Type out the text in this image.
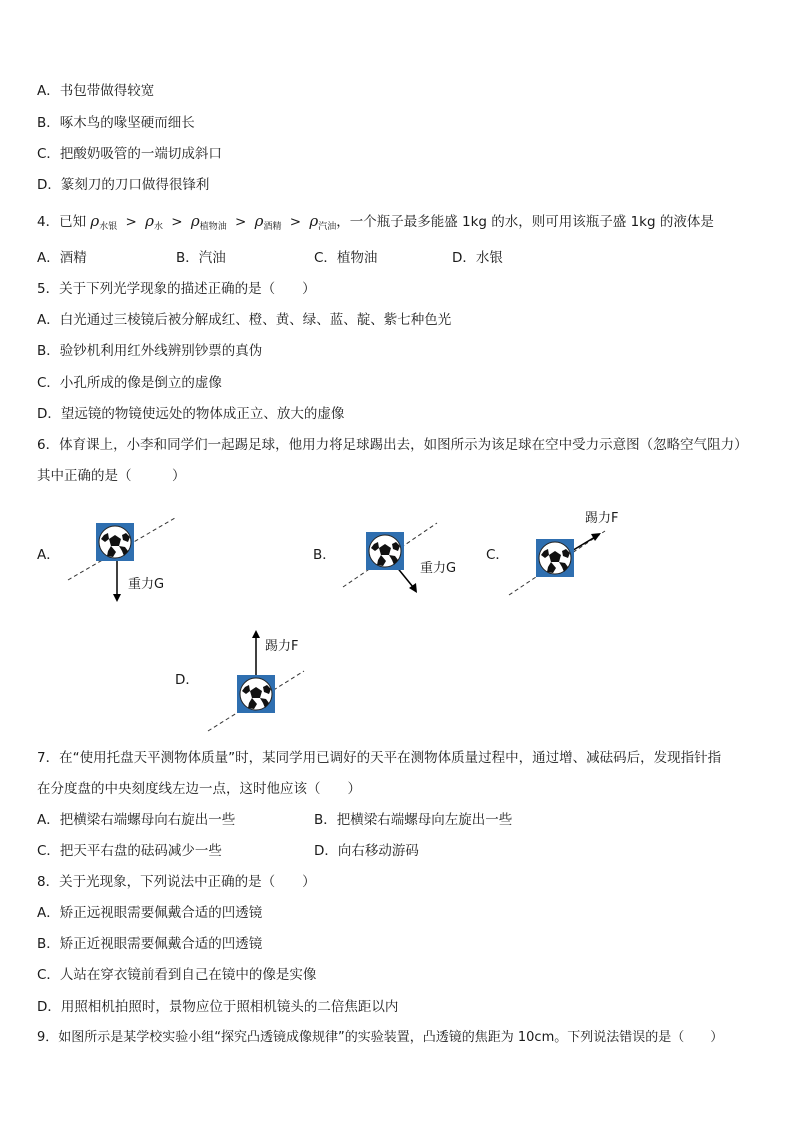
A．书包带做得较宽
B．啄木鸟的喙坚硬而细长
C．把酸奶吸管的一端切成斜口
D．篆刻刀的刀口做得很锋利
4．已知 $\rho_{水银} > \rho_水 > \rho_{植物油} > \rho_{酒精} > \rho_{汽油}$，一个瓶子最多能盛 1kg 的水，则可用该瓶子盛 1kg 的液体是
A．酒精	B．汽油	C．植物油	D．水银
5．关于下列光学现象的描述正确的是（　　）
A．白光通过三棱镜后被分解成红、橙、黄、绿、蓝、靛、紫七种色光
B．验钞机利用红外线辨别钞票的真伪
C．小孔所成的像是倒立的虚像
D．望远镜的物镜使远处的物体成正立、放大的虚像
6．体育课上，小李和同学们一起踢足球，他用力将足球踢出去，如图所示为该足球在空中受力示意图（忽略空气阻力）
其中正确的是（　　　）
A．
重力G
B．
重力G
C．
踢力F
D．
踢力F
7．在“使用托盘天平测物体质量”时，某同学用已调好的天平在测物体质量过程中，通过增、减砝码后，发现指针指
在分度盘的中央刻度线左边一点，这时他应该（　　）
A．把横梁右端螺母向右旋出一些	B．把横梁右端螺母向左旋出一些
C．把天平右盘的砝码减少一些	D．向右移动游码
8．关于光现象，下列说法中正确的是（　　）
A．矫正远视眼需要佩戴合适的凹透镜
B．矫正近视眼需要佩戴合适的凹透镜
C．人站在穿衣镜前看到自己在镜中的像是实像
D．用照相机拍照时，景物应位于照相机镜头的二倍焦距以内
9．如图所示是某学校实验小组“探究凸透镜成像规律”的实验装置，凸透镜的焦距为 10cm。下列说法错误的是（　　）
